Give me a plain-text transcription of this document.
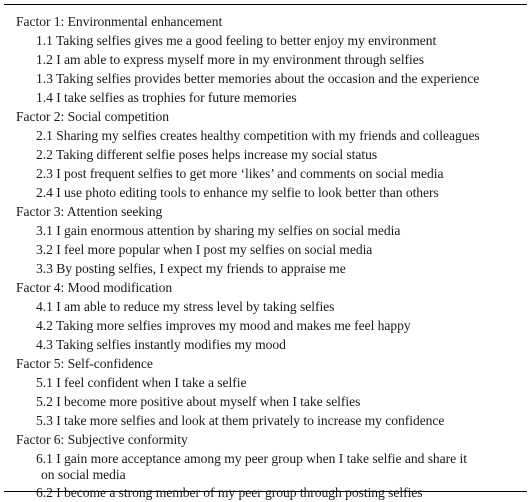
Factor 1: Environmental enhancement
1.1 Taking selfies gives me a good feeling to better enjoy my environment
1.2 I am able to express myself more in my environment through selfies
1.3 Taking selfies provides better memories about the occasion and the experience
1.4 I take selfies as trophies for future memories
Factor 2: Social competition
2.1 Sharing my selfies creates healthy competition with my friends and colleagues
2.2 Taking different selfie poses helps increase my social status
2.3 I post frequent selfies to get more ‘likes’ and comments on social media
2.4 I use photo editing tools to enhance my selfie to look better than others
Factor 3: Attention seeking
3.1 I gain enormous attention by sharing my selfies on social media
3.2 I feel more popular when I post my selfies on social media
3.3 By posting selfies, I expect my friends to appraise me
Factor 4: Mood modification
4.1 I am able to reduce my stress level by taking selfies
4.2 Taking more selfies improves my mood and makes me feel happy
4.3 Taking selfies instantly modifies my mood
Factor 5: Self-confidence
5.1 I feel confident when I take a selfie
5.2 I become more positive about myself when I take selfies
5.3 I take more selfies and look at them privately to increase my confidence
Factor 6: Subjective conformity
6.1 I gain more acceptance among my peer group when I take selfie and share it
on social media
6.2 I become a strong member of my peer group through posting selfies
